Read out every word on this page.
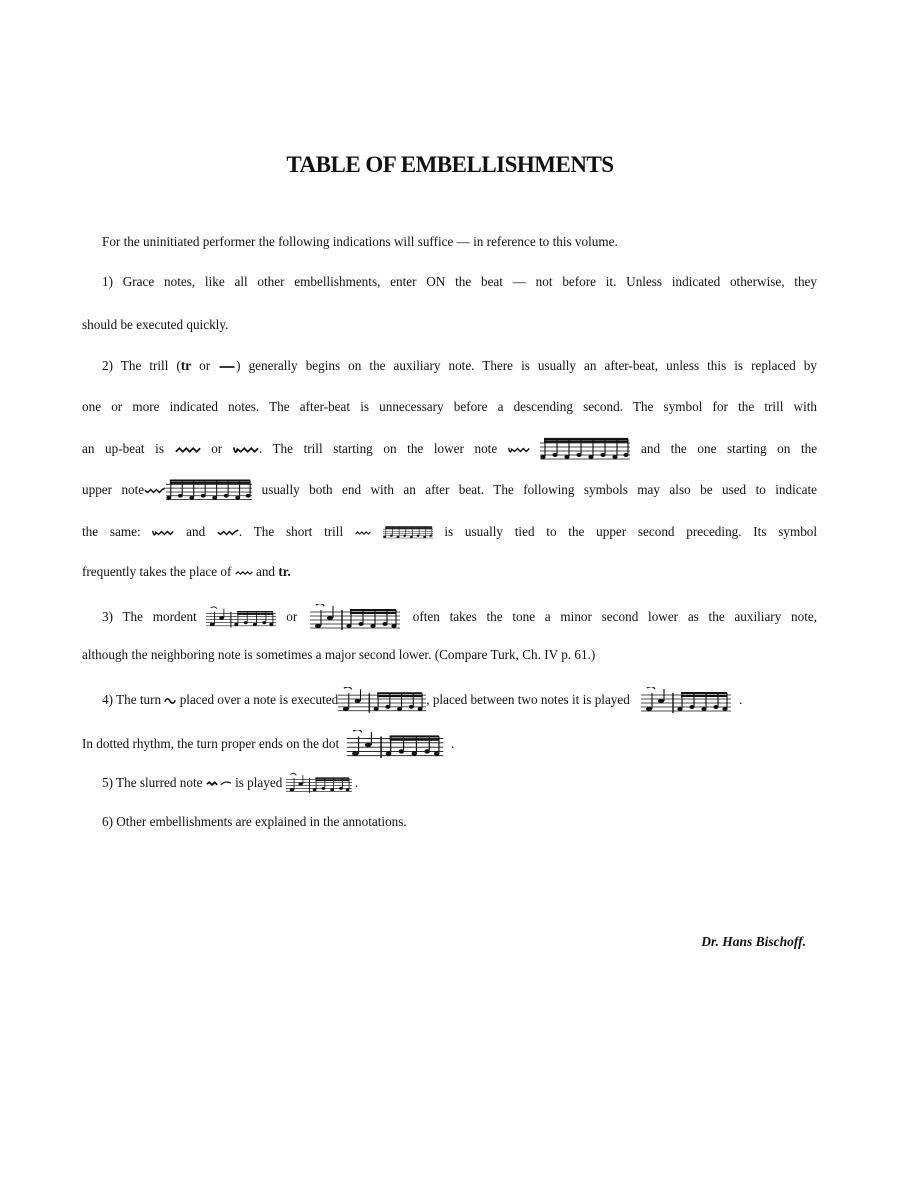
TABLE OF EMBELLISHMENTS
For the uninitiated performer the following indications will suffice — in reference to this volume.
1) Grace notes, like all other embellishments, enter ON the beat — not before it. Unless indicated otherwise, they
should be executed quickly.
2) The trill (tr or ) generally begins on the auxiliary note. There is usually an after-beat, unless this is replaced by
one or more indicated notes. The after-beat is unnecessary before a descending second. The symbol for the trill with
an up-beat is	or	. The trill starting on the lower note
	and the one starting on the
upper note	usually both end with an after beat. The following symbols may also be used to indicate
the same:	and	. The short trill
	is usually tied to the upper second preceding. Its symbol
frequently takes the place of and tr.
3) The mordent	or	often takes the tone a minor second lower as the auxiliary note,
although the neighboring note is sometimes a major second lower. (Compare Turk, Ch. IV p. 61.)
4) The turn placed over a note is executed	, placed between two notes it is played	.
In dotted rhythm, the turn proper ends on the dot	.
5) The slurred note is played	.
6) Other embellishments are explained in the annotations.
Dr. Hans Bischoff.
